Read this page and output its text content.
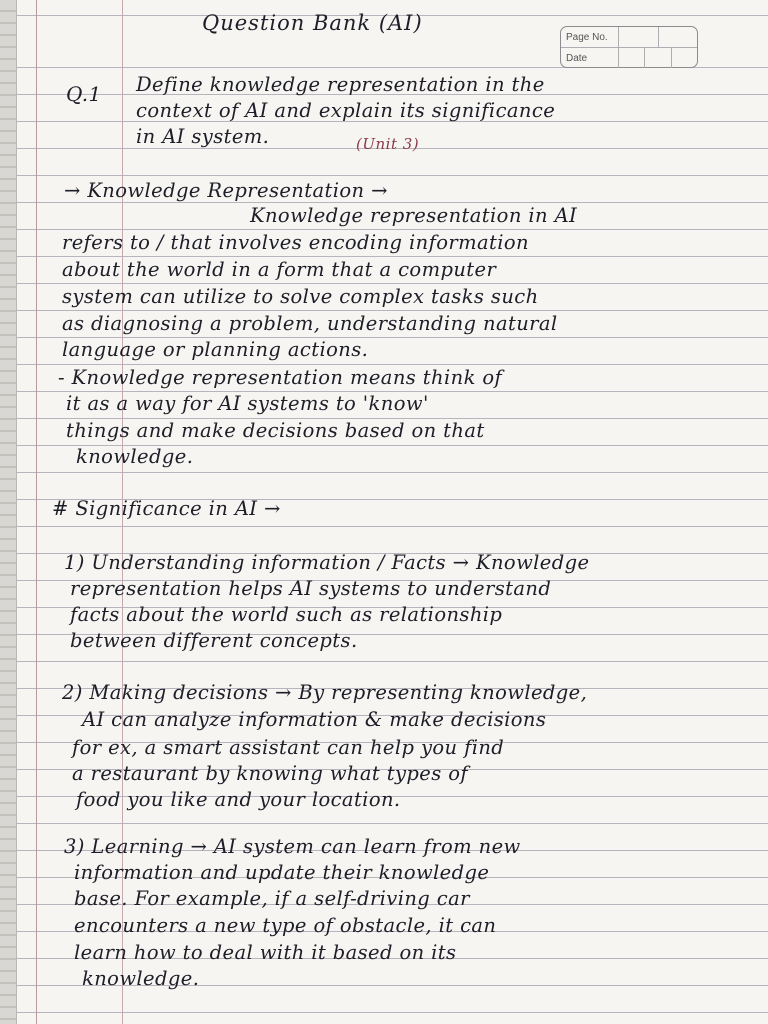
Question Bank (AI)
Page No.
Date
Q.1 Define knowledge representation in the
context of AI and explain its significance
in AI system.	(Unit 3)
→ Knowledge Representation →
Knowledge representation in AI
refers to / that involves encoding information
about the world in a form that a computer
system can utilize to solve complex tasks such
as diagnosing a problem, understanding natural
language or planning actions.
- Knowledge representation means think of
it as a way for AI systems to 'know'
things and make decisions based on that
knowledge.
# Significance in AI →
1) Understanding information / Facts → Knowledge
representation helps AI systems to understand
facts about the world such as relationship
between different concepts.
2) Making decisions → By representing knowledge,
AI can analyze information & make decisions
for ex, a smart assistant can help you find
a restaurant by knowing what types of
food you like and your location.
3) Learning → AI system can learn from new
information and update their knowledge
base. For example, if a self-driving car
encounters a new type of obstacle, it can
learn how to deal with it based on its
knowledge.
